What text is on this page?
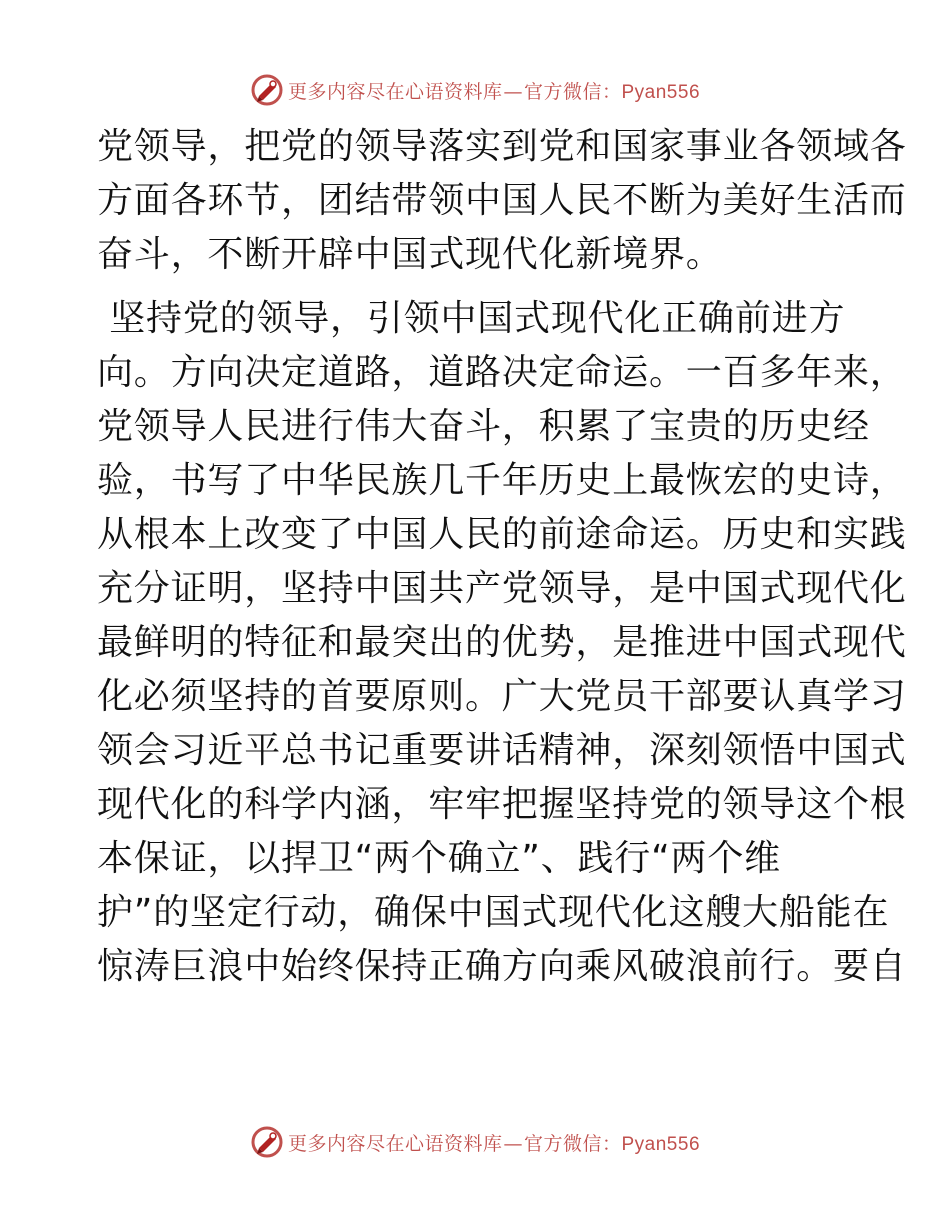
更多内容尽在心语资料库—官方微信：Pyan556
党领导，把党的领导落实到党和国家事业各领域各
方面各环节，团结带领中国人民不断为美好生活而
奋斗，不断开辟中国式现代化新境界。
坚持党的领导，引领中国式现代化正确前进方
向。方向决定道路，道路决定命运。一百多年来，
党领导人民进行伟大奋斗，积累了宝贵的历史经
验，书写了中华民族几千年历史上最恢宏的史诗，
从根本上改变了中国人民的前途命运。历史和实践
充分证明，坚持中国共产党领导，是中国式现代化
最鲜明的特征和最突出的优势，是推进中国式现代
化必须坚持的首要原则。广大党员干部要认真学习
领会习近平总书记重要讲话精神，深刻领悟中国式
现代化的科学内涵，牢牢把握坚持党的领导这个根
本保证，以捍卫“两个确立”、践行“两个维
护”的坚定行动，确保中国式现代化这艘大船能在
惊涛巨浪中始终保持正确方向乘风破浪前行。要自
更多内容尽在心语资料库—官方微信：Pyan556
